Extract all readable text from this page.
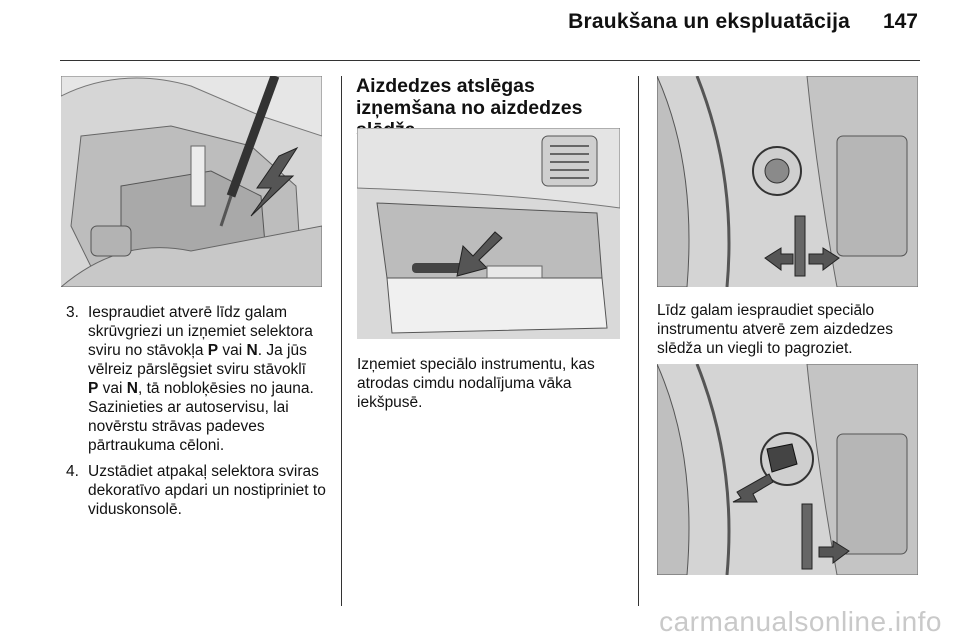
Braukšana un ekspluatācija 147
3. Iespraudiet atverē līdz galam skrūvgriezi un izņemiet selektora sviru no stāvokļa P vai N. Ja jūs vēlreiz pārslēgsiet sviru stāvoklī
P vai N, tā nobloķēsies no jauna. Sazinieties ar autoservisu, lai novērstu strāvas padeves pārtraukuma cēloni.
4. Uzstādiet atpakaļ selektora sviras dekoratīvo apdari un nostipriniet to viduskonsolē.
Aizdedzes atslēgas izņemšana no aizdedzes
Izņemiet speciālo instrumentu, kas atrodas cimdu nodalījuma vāka iekšpusē.
Līdz galam iespraudiet speciālo instrumentu atverē zem aizdedzes slēdža un viegli to pagroziet.
carmanualsonline.info
